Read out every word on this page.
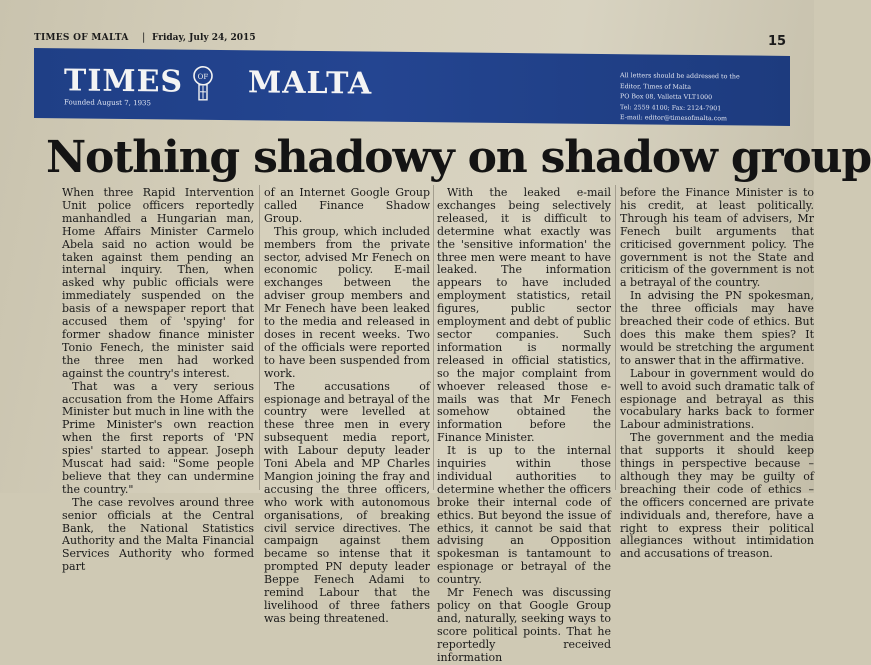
TIMES OF MALTA | Friday, July 24, 2015	15
TIMES MALTA
OF
Founded August 7, 1935
All letters should be addressed to the
Editor, Times of Malta
PO Box 08, Valletta VLT1000
Tel: 2559 4100; Fax: 2124-7901
E-mail: editor@timesofmalta.com
Nothing shadowy on shadow group

When three Rapid Intervention Unit police officers reportedly manhandled a Hungarian man, Home Affairs Minister Carmelo Abela said no action would be taken against them pending an internal inquiry. Then, when asked why public officials were immediately suspended on the basis of a newspaper report that accused them of 'spying' for former shadow finance minister Tonio Fenech, the minister said the three men had worked against the country's interest.

That was a very serious accusation from the Home Affairs Minister but much in line with the Prime Minister's own reaction when the first reports of 'PN spies' started to appear. Joseph Muscat had said: "Some people believe that they can undermine the country."

The case revolves around three senior officials at the Central Bank, the National Statistics Authority and the Malta Financial Services Authority who formed part

of an Internet Google Group called Finance Shadow Group.

This group, which included members from the private sector, advised Mr Fenech on economic policy. E-mail exchanges between the adviser group members and Mr Fenech have been leaked to the media and released in doses in recent weeks. Two of the officials were reported to have been suspended from work.

The accusations of espionage and betrayal of the country were levelled at these three men in every subsequent media report, with Labour deputy leader Toni Abela and MP Charles Mangion joining the fray and accusing the three officers, who work with autonomous organisations, of breaking civil service directives. The campaign against them became so intense that it prompted PN deputy leader Beppe Fenech Adami to remind Labour that the livelihood of three fathers was being threatened.

With the leaked e-mail exchanges being selectively released, it is difficult to determine what exactly was the 'sensitive information' the three men were meant to have leaked. The information appears to have included employment statistics, retail figures, public sector employment and debt of public sector companies. Such information is normally released in official statistics, so the major complaint from whoever released those e-mails was that Mr Fenech somehow obtained the information before the Finance Minister.

It is up to the internal inquiries within those individual authorities to determine whether the officers broke their internal code of ethics. But beyond the issue of ethics, it cannot be said that advising an Opposition spokesman is tantamount to espionage or betrayal of the country.

Mr Fenech was discussing policy on that Google Group and, naturally, seeking ways to score political points. That he reportedly received information

before the Finance Minister is to his credit, at least politically. Through his team of advisers, Mr Fenech built arguments that criticised government policy. The government is not the State and criticism of the government is not a betrayal of the country.

In advising the PN spokesman, the three officials may have breached their code of ethics. But does this make them spies? It would be stretching the argument to answer that in the affirmative.

Labour in government would do well to avoid such dramatic talk of espionage and betrayal as this vocabulary harks back to former Labour administrations.

The government and the media that supports it should keep things in perspective because – although they may be guilty of breaching their code of ethics – the officers concerned are private individuals and, therefore, have a right to express their political allegiances without intimidation and accusations of treason.
